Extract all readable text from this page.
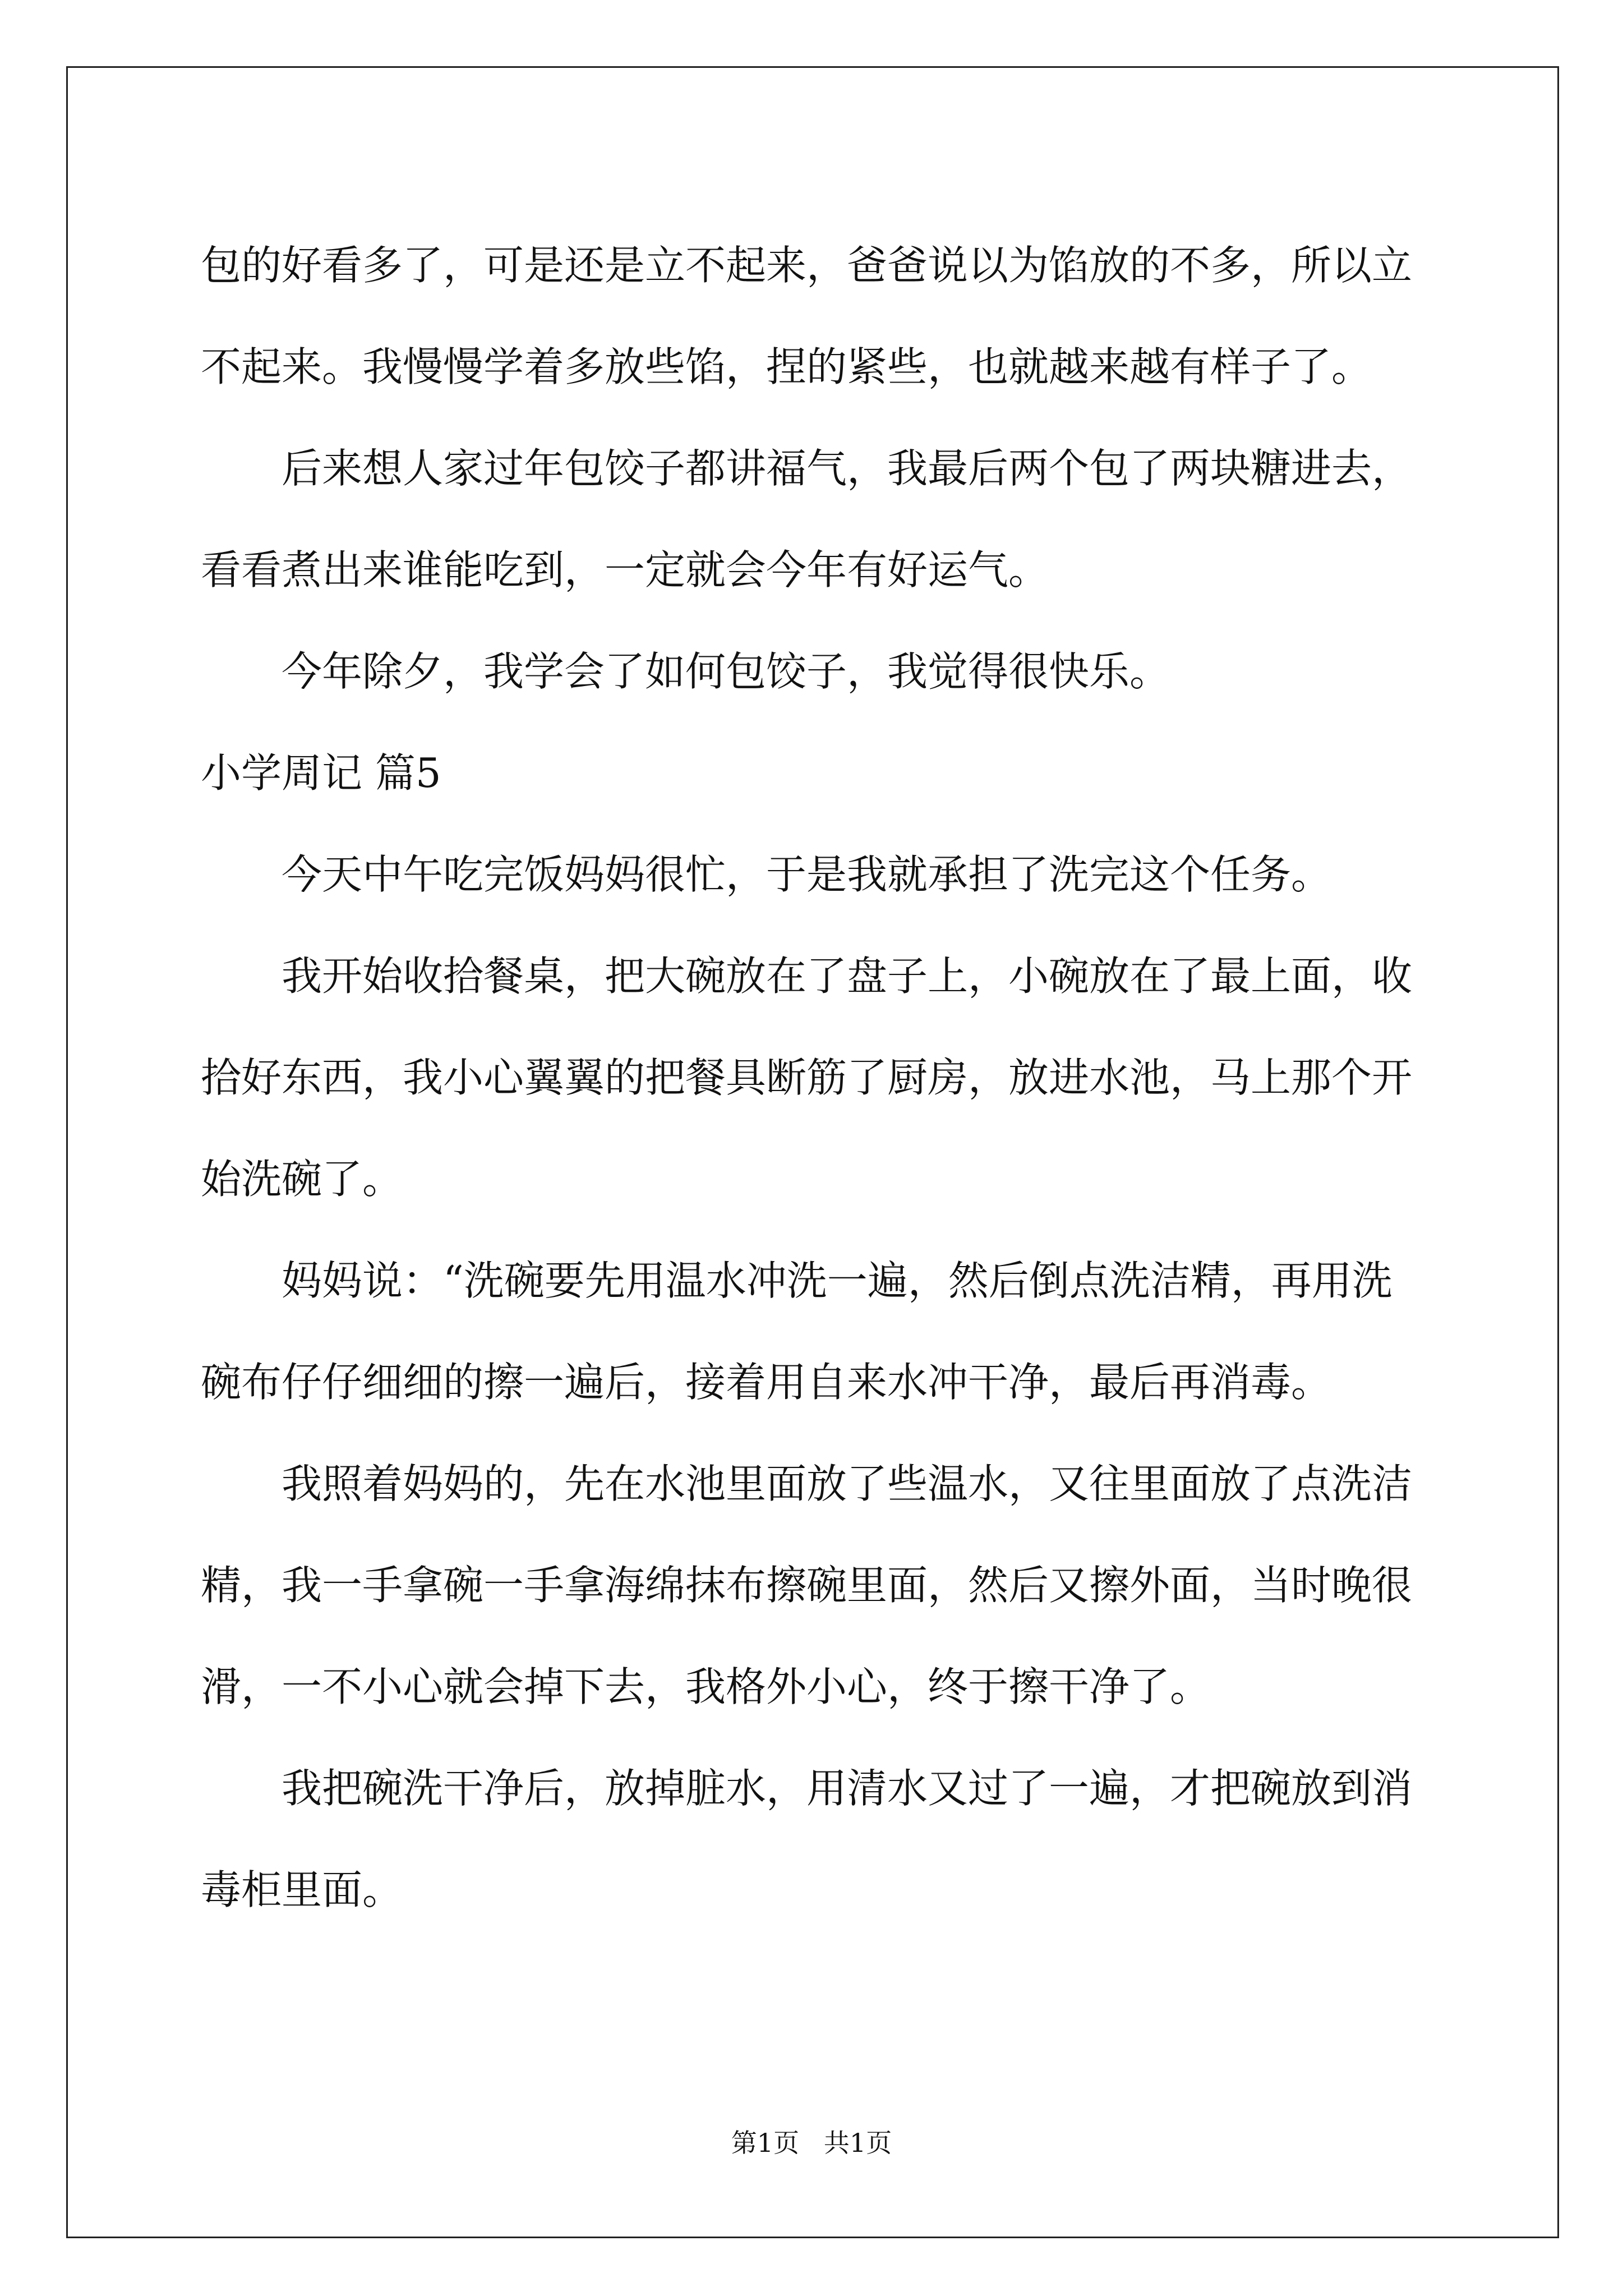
包的好看多了，可是还是立不起来，爸爸说以为馅放的不多，所以立
不起来。我慢慢学着多放些馅，捏的紧些，也就越来越有样子了。
后来想人家过年包饺子都讲福气，我最后两个包了两块糖进去，
看看煮出来谁能吃到，一定就会今年有好运气。
今年除夕，我学会了如何包饺子，我觉得很快乐。
小学周记 篇5
今天中午吃完饭妈妈很忙，于是我就承担了洗完这个任务。
我开始收拾餐桌，把大碗放在了盘子上，小碗放在了最上面，收
拾好东西，我小心翼翼的把餐具断筋了厨房，放进水池，马上那个开
始洗碗了。
妈妈说：“洗碗要先用温水冲洗一遍，然后倒点洗洁精，再用洗
碗布仔仔细细的擦一遍后，接着用自来水冲干净，最后再消毒。
我照着妈妈的，先在水池里面放了些温水，又往里面放了点洗洁
精，我一手拿碗一手拿海绵抹布擦碗里面，然后又擦外面，当时晚很
滑，一不小心就会掉下去，我格外小心，终于擦干净了。
我把碗洗干净后，放掉脏水，用清水又过了一遍，才把碗放到消
毒柜里面。
第1页   共1页
